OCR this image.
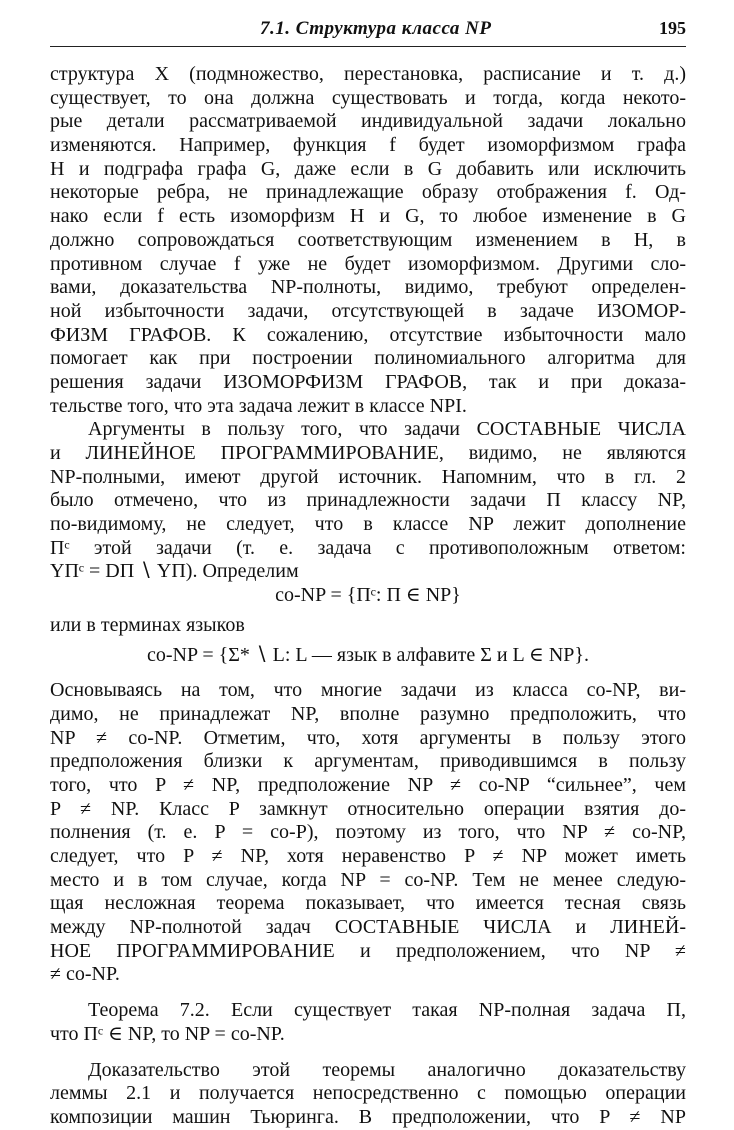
7.1. Структура класса NP	195
структура X (подмножество, перестановка, расписание и т. д.)
существует, то она должна существовать и тогда, когда некото-
рые детали рассматриваемой индивидуальной задачи локально
изменяются. Например, функция f будет изоморфизмом графа
H и подграфа графа G, даже если в G добавить или исключить
некоторые ребра, не принадлежащие образу отображения f. Од-
нако если f есть изоморфизм H и G, то любое изменение в G
должно сопровождаться соответствующим изменением в H, в
противном случае f уже не будет изоморфизмом. Другими сло-
вами, доказательства NP-полноты, видимо, требуют определен-
ной избыточности задачи, отсутствующей в задаче ИЗОМОР-
ФИЗМ ГРАФОВ. К сожалению, отсутствие избыточности мало
помогает как при построении полиномиального алгоритма для
решения задачи ИЗОМОРФИЗМ ГРАФОВ, так и при доказа-
тельстве того, что эта задача лежит в классе NPI.
Аргументы в пользу того, что задачи СОСТАВНЫЕ ЧИСЛА
и ЛИНЕЙНОЕ ПРОГРАММИРОВАНИЕ, видимо, не являются
NP-полными, имеют другой источник. Напомним, что в гл. 2
было отмечено, что из принадлежности задачи Π классу NP,
по-видимому, не следует, что в классе NP лежит дополнение
Πᶜ этой задачи (т. е. задача с противоположным ответом:
YΠᶜ = DΠ ∖ YΠ). Определим
co-NP = {Πᶜ: Π ∈ NP}
или в терминах языков
co-NP = {Σ* ∖ L: L — язык в алфавите Σ и L ∈ NP}.
Основываясь на том, что многие задачи из класса co-NP, ви-
димо, не принадлежат NP, вполне разумно предположить, что
NP ≠ co-NP. Отметим, что, хотя аргументы в пользу этого
предположения близки к аргументам, приводившимся в пользу
того, что P ≠ NP, предположение NP ≠ co-NP “сильнее”, чем
P ≠ NP. Класс P замкнут относительно операции взятия до-
полнения (т. е. P = co-P), поэтому из того, что NP ≠ co-NP,
следует, что P ≠ NP, хотя неравенство P ≠ NP может иметь
место и в том случае, когда NP = co-NP. Тем не менее следую-
щая несложная теорема показывает, что имеется тесная связь
между NP-полнотой задач СОСТАВНЫЕ ЧИСЛА и ЛИНЕЙ-
НОЕ ПРОГРАММИРОВАНИЕ и предположением, что NP ≠
≠ co-NP.
Теорема 7.2. Если существует такая NP-полная задача Π,
что Πᶜ ∈ NP, то NP = co-NP.
Доказательство этой теоремы аналогично доказательству
леммы 2.1 и получается непосредственно с помощью операции
композиции машин Тьюринга. В предположении, что P ≠ NP
